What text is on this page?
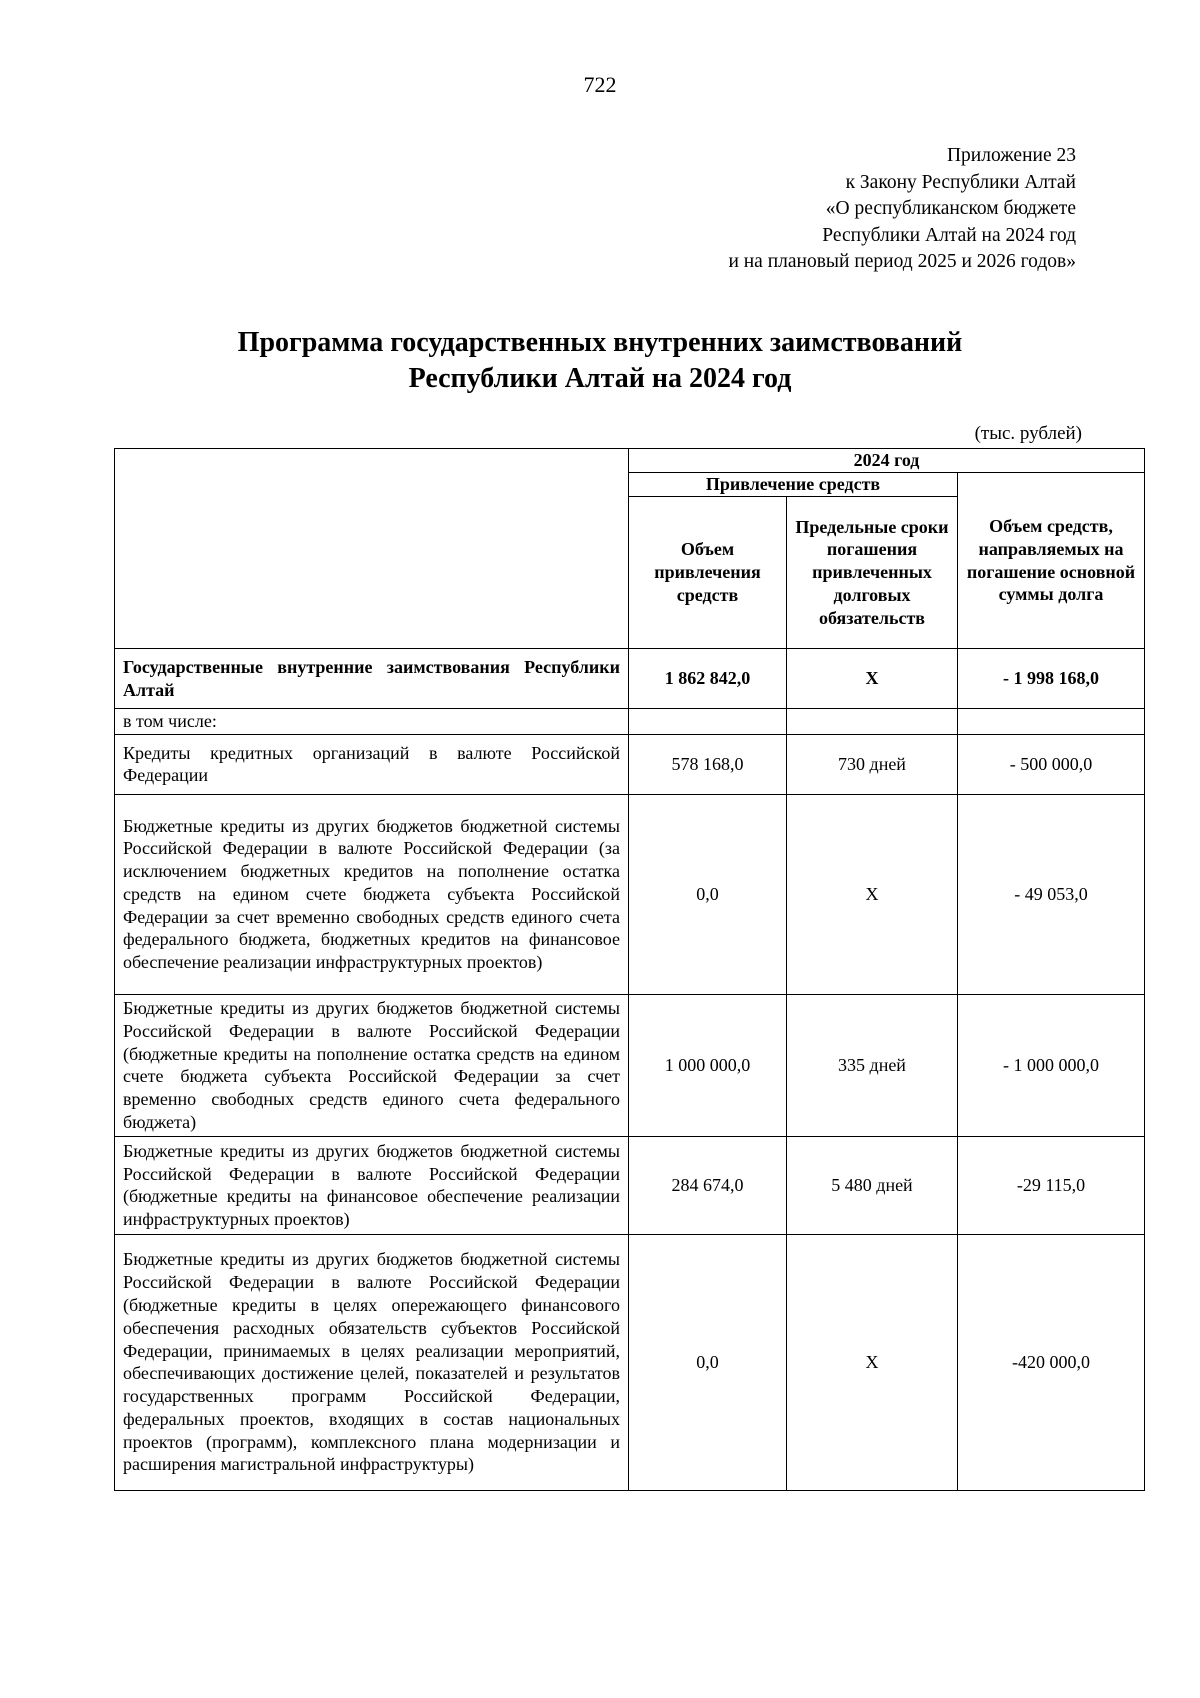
722
Приложение 23
к Закону Республики Алтай
«О республиканском бюджете
Республики Алтай на 2024 год
и на плановый период 2025 и 2026 годов»
Программа государственных внутренних заимствований
Республики Алтай на 2024 год
(тыс. рублей)
	2024 год		
	Привлечение средств		Объем средств, направляемых на погашение основной суммы долга
	Объем привлечения средств	Предельные сроки погашения привлеченных долговых обязательств	
Государственные внутренние заимствования Республики Алтай	1 862 842,0	Х	- 1 998 168,0
в том числе:			
Кредиты кредитных организаций в валюте Российской Федерации	578 168,0	730 дней	- 500 000,0
Бюджетные кредиты из других бюджетов бюджетной системы Российской Федерации в валюте Российской Федерации (за исключением бюджетных кредитов на пополнение остатка средств на едином счете бюджета субъекта Российской Федерации за счет временно свободных средств единого счета федерального бюджета, бюджетных кредитов на финансовое обеспечение реализации инфраструктурных проектов)	0,0	Х	- 49 053,0
Бюджетные кредиты из других бюджетов бюджетной системы Российской Федерации в валюте Российской Федерации (бюджетные кредиты на пополнение остатка средств на едином счете бюджета субъекта Российской Федерации за счет временно свободных средств единого счета федерального бюджета)	1 000 000,0	335 дней	- 1 000 000,0
Бюджетные кредиты из других бюджетов бюджетной системы Российской Федерации в валюте Российской Федерации (бюджетные кредиты на финансовое обеспечение реализации инфраструктурных проектов)	284 674,0	5 480 дней	-29 115,0
Бюджетные кредиты из других бюджетов бюджетной системы Российской Федерации в валюте Российской Федерации (бюджетные кредиты в целях опережающего финансового обеспечения расходных обязательств субъектов Российской Федерации, принимаемых в целях реализации мероприятий, обеспечивающих достижение целей, показателей и результатов государственных программ Российской Федерации, федеральных проектов, входящих в состав национальных проектов (программ), комплексного плана модернизации и расширения магистральной инфраструктуры)	0,0	Х	-420 000,0
